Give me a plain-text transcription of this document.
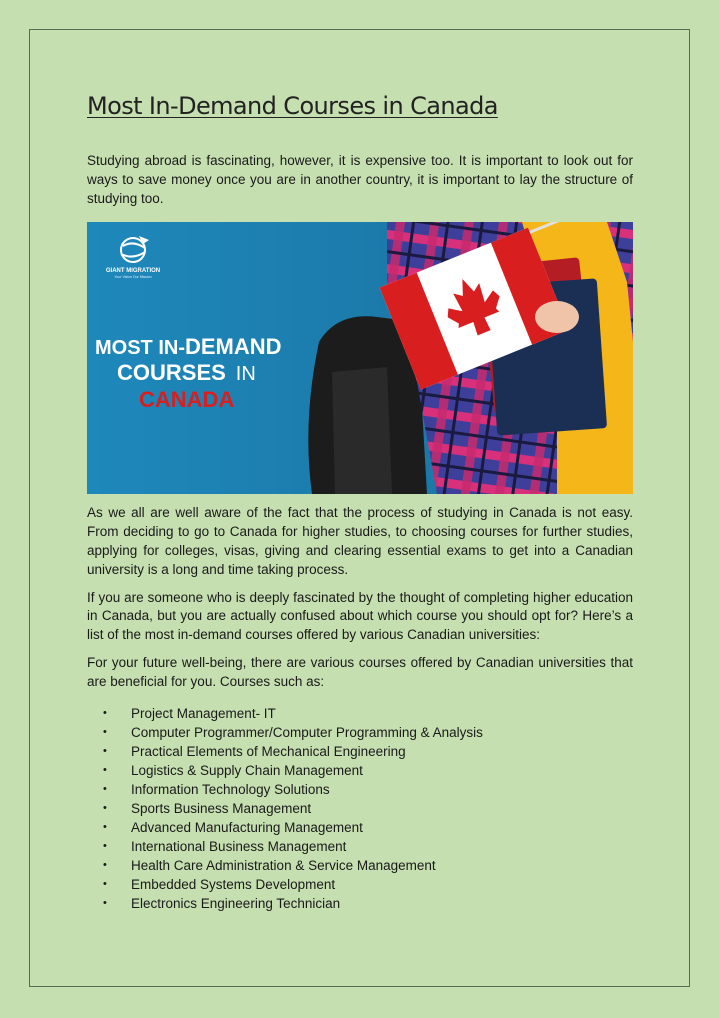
Most In-Demand Courses in Canada

Studying abroad is fascinating, however, it is expensive too. It is important to look out for ways to save money once you are in another country, it is important to lay the structure of studying too.

GIANT MIGRATION
Your Vision Our Mission
MOST IN-DEMAND
COURSES IN
CANADA

As we all are well aware of the fact that the process of studying in Canada is not easy. From deciding to go to Canada for higher studies, to choosing courses for further studies, applying for colleges, visas, giving and clearing essential exams to get into a Canadian university is a long and time taking process.

If you are someone who is deeply fascinated by the thought of completing higher education in Canada, but you are actually confused about which course you should opt for? Here’s a list of the most in-demand courses offered by various Canadian universities:

For your future well-being, there are various courses offered by Canadian universities that are beneficial for you. Courses such as:

• Project Management- IT
• Computer Programmer/Computer Programming & Analysis
• Practical Elements of Mechanical Engineering
• Logistics & Supply Chain Management
• Information Technology Solutions
• Sports Business Management
• Advanced Manufacturing Management
• International Business Management
• Health Care Administration & Service Management
• Embedded Systems Development
• Electronics Engineering Technician
